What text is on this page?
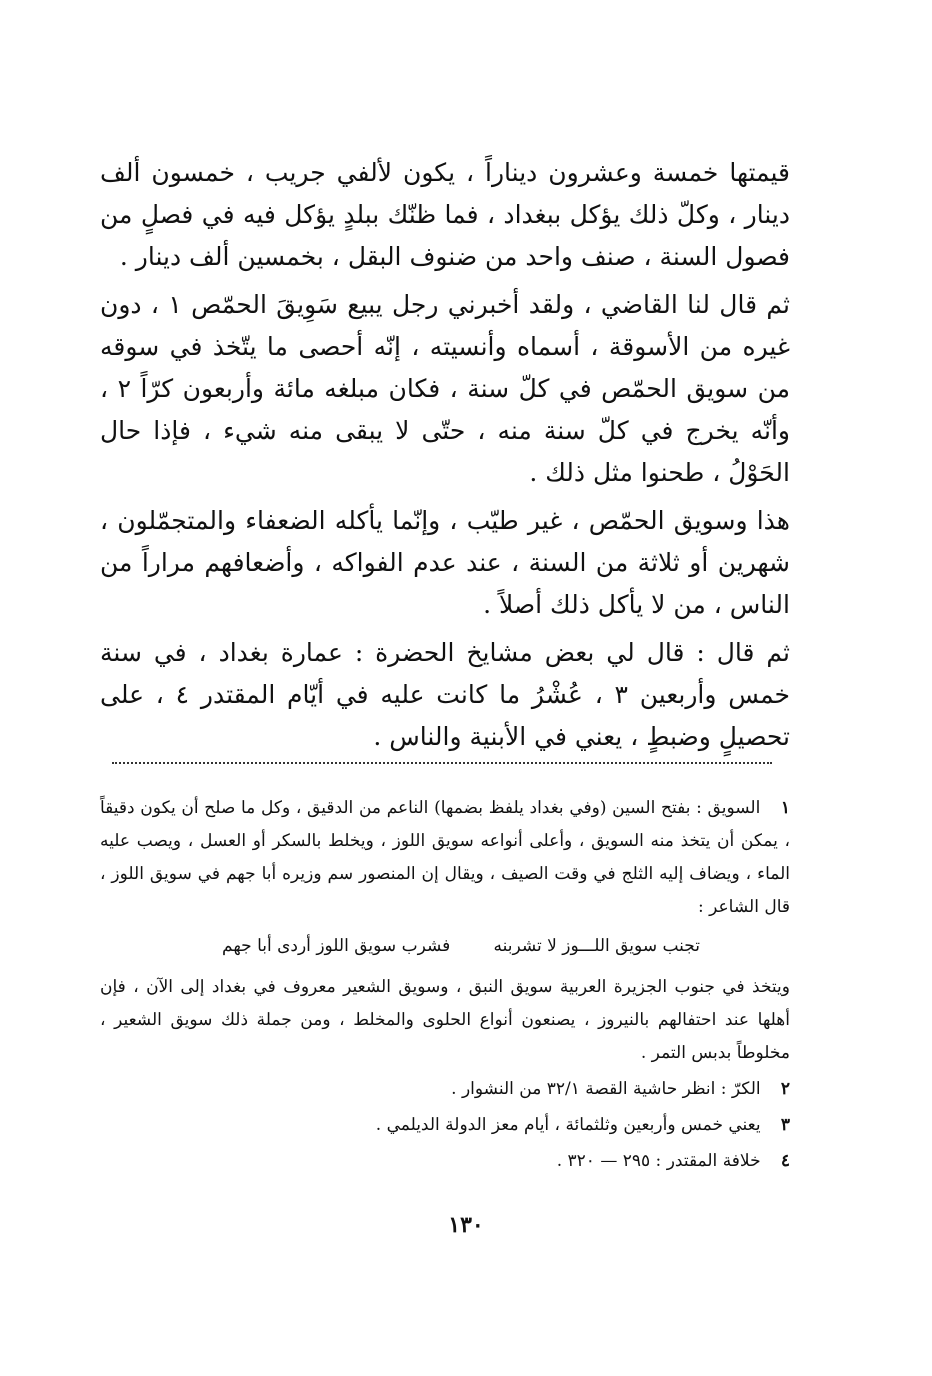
قيمتها خمسة وعشرون ديناراً ، يكون لألفي جريب ، خمسون ألف دينار ، وكلّ ذلك يؤكل ببغداد ، فما ظنّك ببلدٍ يؤكل فيه في فصلٍ من فصول السنة ، صنف واحد من ضنوف البقل ، بخمسين ألف دينار .

ثم قال لنا القاضي ، ولقد أخبرني رجل يبيع سَوِيقَ الحمّص ١ ، دون غيره من الأسوقة ، أسماه وأنسيته ، إنّه أحصى ما يتّخذ في سوقه من سويق الحمّص في كلّ سنة ، فكان مبلغه مائة وأربعون كرّاً ٢ ، وأنّه يخرج في كلّ سنة منه ، حتّى لا يبقى منه شيء ، فإذا حال الحَوْلُ ، طحنوا مثل ذلك .

هذا وسويق الحمّص ، غير طيّب ، وإنّما يأكله الضعفاء والمتجمّلون ، شهرين أو ثلاثة من السنة ، عند عدم الفواكه ، وأضعافهم مراراً من الناس ، من لا يأكل ذلك أصلاً .

ثم قال : قال لي بعض مشايخ الحضرة : عمارة بغداد ، في سنة خمس وأربعين ٣ ، عُشْرُ ما كانت عليه في أيّام المقتدر ٤ ، على تحصيلٍ وضبطٍ ، يعني في الأبنية والناس .

١ السويق : بفتح السين (وفي بغداد يلفظ بضمها) الناعم من الدقيق ، وكل ما صلح أن يكون دقيقاً ، يمكن أن يتخذ منه السويق ، وأعلى أنواعه سويق اللوز ، ويخلط بالسكر أو العسل ، ويصب عليه الماء ، ويضاف إليه الثلج في وقت الصيف ، ويقال إن المنصور سم وزيره أبا جهم في سويق اللوز ، قال الشاعر :
تجنب سويق اللـــوز لا تشربنه        فشرب سويق اللوز أردى أبا جهم
ويتخذ في جنوب الجزيرة العربية سويق النبق ، وسويق الشعير معروف في بغداد إلى الآن ، فإن أهلها عند احتفالهم بالنيروز ، يصنعون أنواع الحلوى والمخلط ، ومن جملة ذلك سويق الشعير ، مخلوطاً بدبس التمر .
٢ الكرّ : انظر حاشية القصة ٣٢/١ من النشوار .
٣ يعني خمس وأربعين وثلثمائة ، أيام معز الدولة الديلمي .
٤ خلافة المقتدر : ٢٩٥ — ٣٢٠ .
١٣٠
